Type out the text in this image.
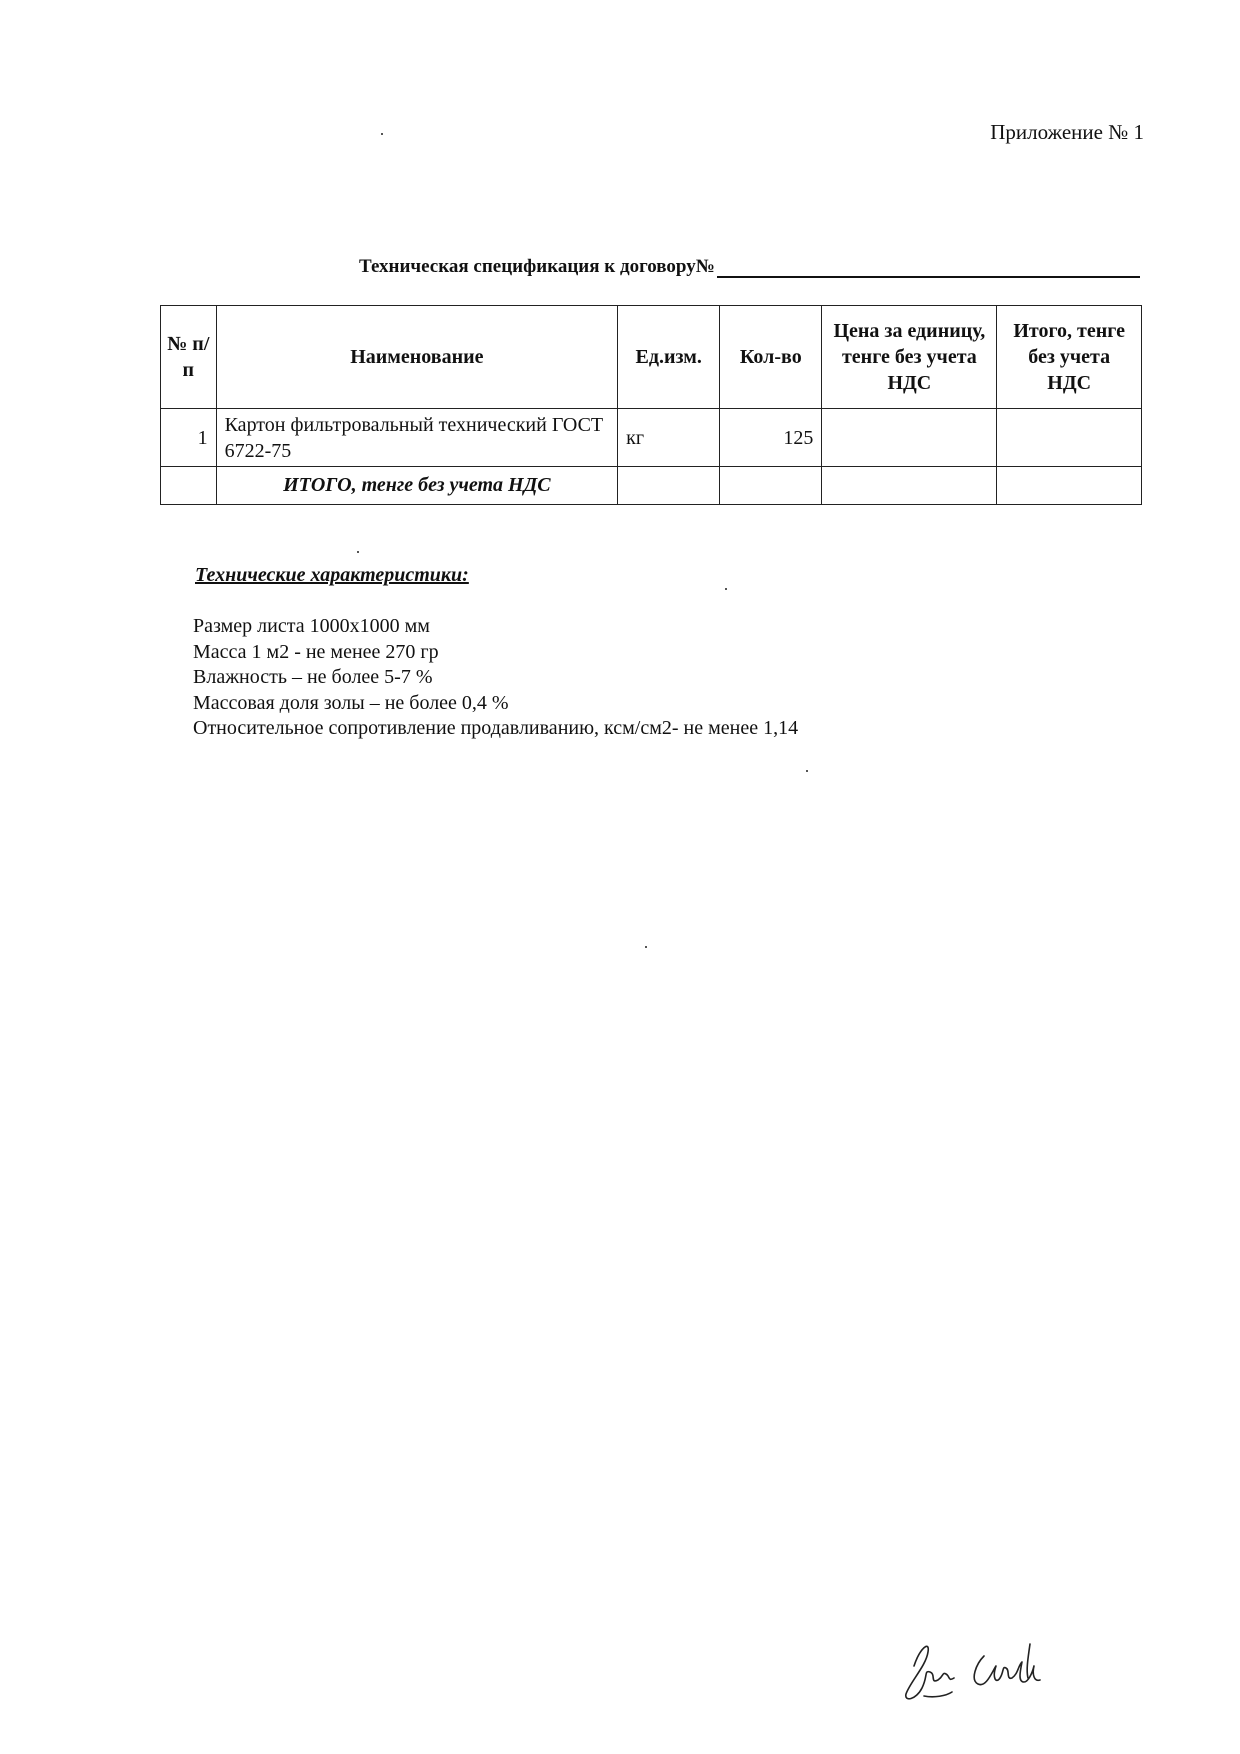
Приложение № 1
Техническая спецификация к договору№
№ п/п	Наименование	Ед.изм.	Кол-во	Цена за единицу, тенге без учета НДС	Итого, тенге без учета НДС
1	Картон фильтровальный технический ГОСТ 6722-75	кг	125		
	ИТОГО, тенге без учета НДС				
Технические характеристики:
Размер листа 1000х1000 мм
Масса 1 м2 - не менее 270 гр
Влажность – не более 5-7 %
Массовая доля золы – не более 0,4 %
Относительное сопротивление продавливанию, ксм/см2- не менее 1,14
